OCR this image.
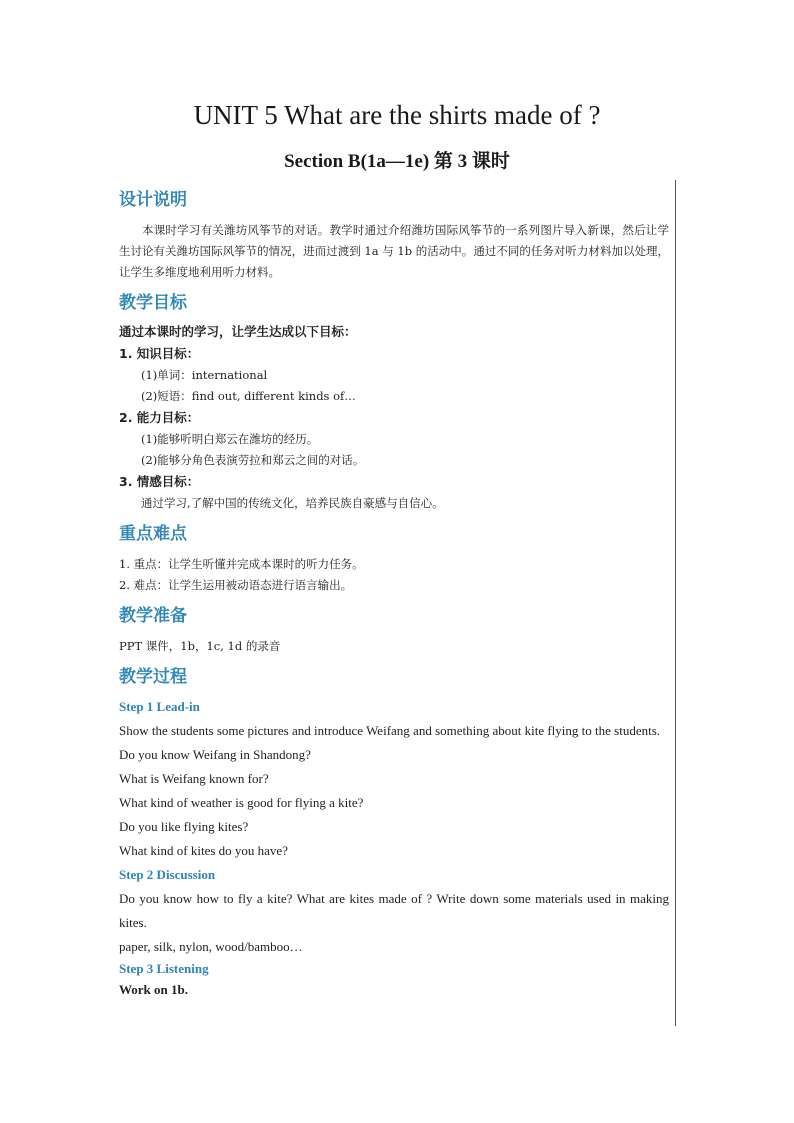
UNIT 5 What are the shirts made of ?
Section B(1a—1e) 第 3 课时

设计说明

本课时学习有关潍坊风筝节的对话。教学时通过介绍潍坊国际风筝节的一系列图片导入新课，然后让学生讨论有关潍坊国际风筝节的情况，进而过渡到 1a 与 1b 的活动中。通过不同的任务对听力材料加以处理，让学生多维度地利用听力材料。

教学目标

通过本课时的学习，让学生达成以下目标：

1. 知识目标：

(1)单词：international

(2)短语：find out, different kinds of…

2. 能力目标：

(1)能够听明白郑云在潍坊的经历。

(2)能够分角色表演劳拉和郑云之间的对话。

3. 情感目标：

通过学习,了解中国的传统文化，培养民族自豪感与自信心。

重点难点

1. 重点：让学生听懂并完成本课时的听力任务。

2. 难点：让学生运用被动语态进行语言输出。

教学准备

PPT 课件，1b，1c, 1d 的录音

教学过程

Step 1 Lead-in

Show the students some pictures and introduce Weifang and something about kite flying to the students.

Do you know Weifang in Shandong?

What is Weifang known for?

What kind of weather is good for flying a kite?

Do you like flying kites?

What kind of kites do you have?

Step 2 Discussion

Do you know how to fly a kite? What are kites made of ? Write down some materials used in making kites.

paper, silk, nylon, wood/bamboo…

Step 3 Listening

Work on 1b.
